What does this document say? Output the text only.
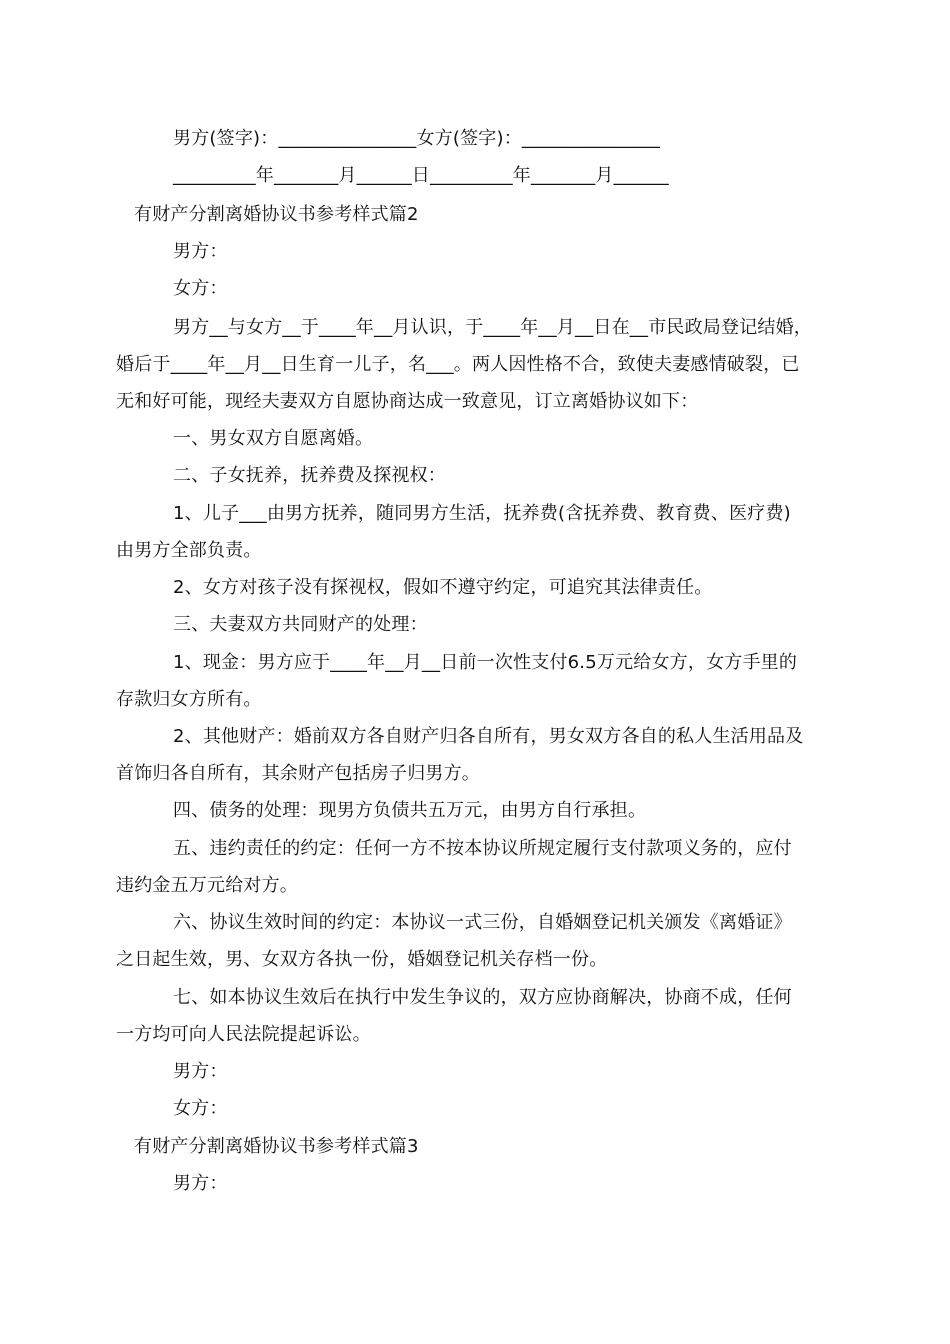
男方(签字)：_______________女方(签字)：_______________
_________年_______月______日_________年_______月______
有财产分割离婚协议书参考样式篇2
男方：
女方：
男方__与女方__于____年__月认识，于____年__月__日在__市民政局登记结婚，
婚后于____年__月__日生育一儿子，名___。两人因性格不合，致使夫妻感情破裂，已
无和好可能，现经夫妻双方自愿协商达成一致意见，订立离婚协议如下：
一、男女双方自愿离婚。
二、子女抚养，抚养费及探视权：
1、儿子___由男方抚养，随同男方生活，抚养费(含抚养费、教育费、医疗费)
由男方全部负责。
2、女方对孩子没有探视权，假如不遵守约定，可追究其法律责任。
三、夫妻双方共同财产的处理：
1、现金：男方应于____年__月__日前一次性支付6.5万元给女方，女方手里的
存款归女方所有。
2、其他财产：婚前双方各自财产归各自所有，男女双方各自的私人生活用品及
首饰归各自所有，其余财产包括房子归男方。
四、债务的处理：现男方负债共五万元，由男方自行承担。
五、违约责任的约定：任何一方不按本协议所规定履行支付款项义务的，应付
违约金五万元给对方。
六、协议生效时间的约定：本协议一式三份，自婚姻登记机关颁发《离婚证》
之日起生效，男、女双方各执一份，婚姻登记机关存档一份。
七、如本协议生效后在执行中发生争议的，双方应协商解决，协商不成，任何
一方均可向人民法院提起诉讼。
男方：
女方：
有财产分割离婚协议书参考样式篇3
男方：
